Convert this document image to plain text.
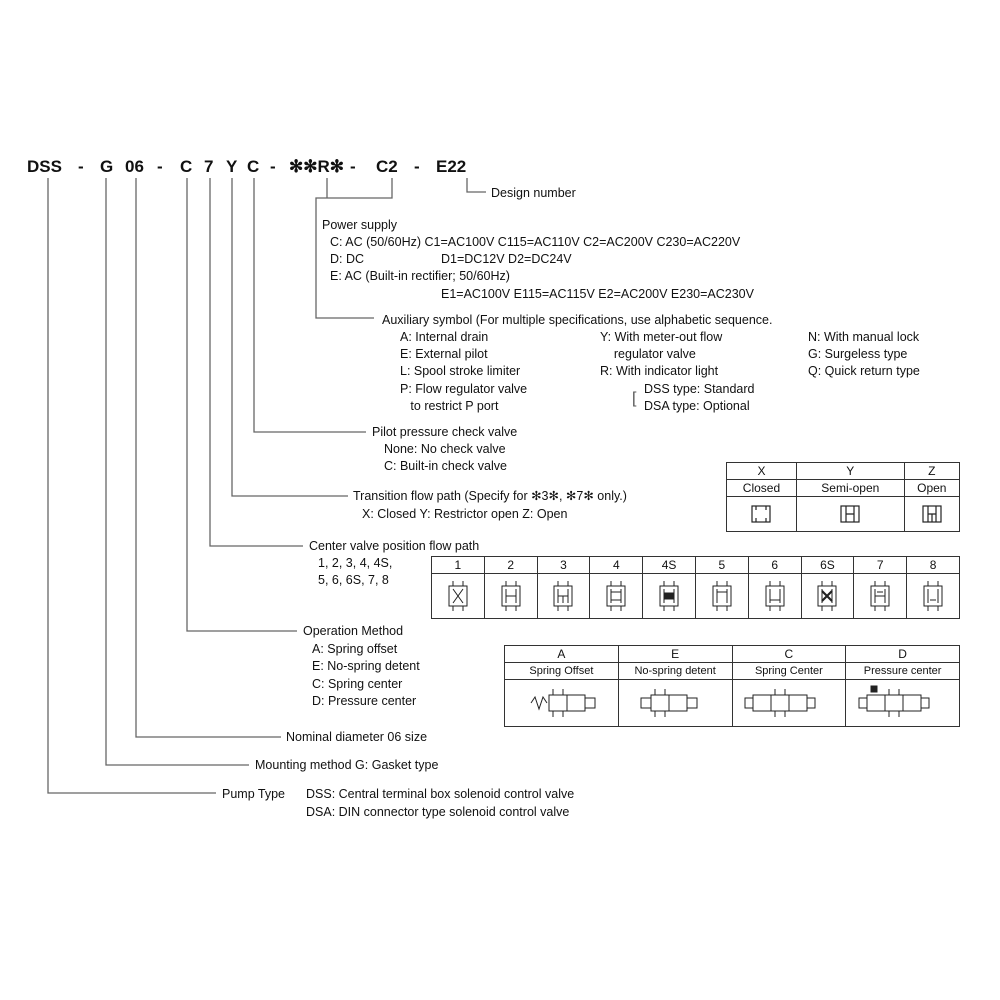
DSS - G 06 - C 7 Y C - ✻✻R✻ - C2 - E22
Design number
Power supply
C: AC (50/60Hz) C1=AC100V C115=AC110V C2=AC200V C230=AC220V
D: DC	D1=DC12V D2=DC24V
E: AC (Built-in rectifier; 50/60Hz)
E1=AC100V E115=AC115V E2=AC200V E230=AC230V
Auxiliary symbol (For multiple specifications, use alphabetic sequence.
A: Internal drain
E: External pilot
L: Spool stroke limiter
P: Flow regulator valve
to restrict P port
Y: With meter-out flow
regulator valve
R: With indicator light
[
DSS type: Standard
DSA type: Optional
N: With manual lock
G: Surgeless type
Q: Quick return type
Pilot pressure check valve
None: No check valve
C: Built-in check valve
Transition flow path (Specify for ✻3✻, ✻7✻ only.)
X: Closed Y: Restrictor open Z: Open
X	Y	Z
Closed	Semi-open	Open

Center valve position flow path
1, 2, 3, 4, 4S,
5, 6, 6S, 7, 8
1	2	3	4	4S	5	6	6S	7	8

Operation Method
A: Spring offset
E: No-spring detent
C: Spring center
D: Pressure center
A	E	C	D
Spring Offset	No-spring detent	Spring Center	Pressure center

Nominal diameter 06 size
Mounting method G: Gasket type
Pump Type DSS: Central terminal box solenoid control valve
DSA: DIN connector type solenoid control valve
